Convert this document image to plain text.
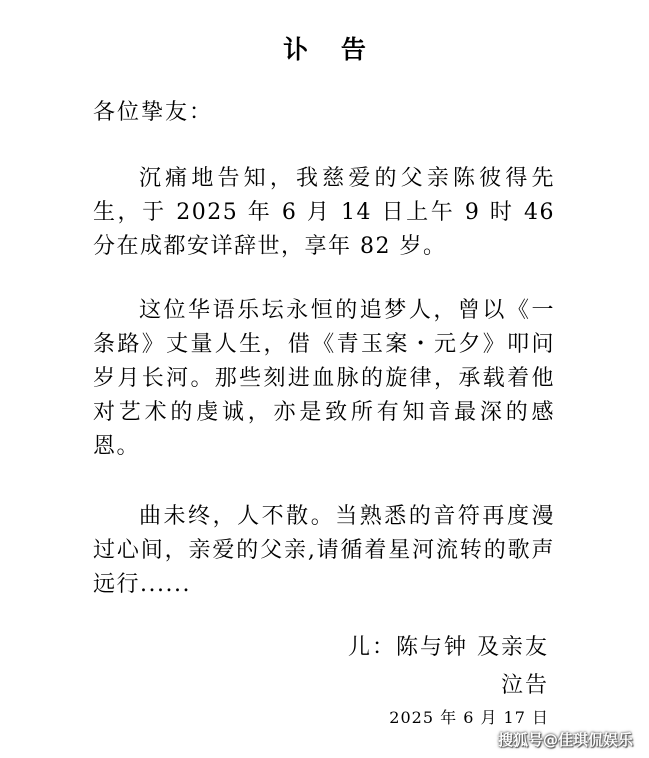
讣 告
各位挚友：
沉痛地告知，我慈爱的父亲陈彼得先生，于 2025 年 6 月 14 日上午 9 时 46 分在成都安详辞世，享年 82 岁。
这位华语乐坛永恒的追梦人，曾以《一条路》丈量人生，借《青玉案・元夕》叩问岁月长河。那些刻进血脉的旋律，承载着他对艺术的虔诚，亦是致所有知音最深的感恩。
曲未终，人不散。当熟悉的音符再度漫过心间，亲爱的父亲,请循着星河流转的歌声远行......
儿：陈与钟 及亲友
泣告
2025 年 6 月 17 日
搜狐号@佳琪侃娱乐
